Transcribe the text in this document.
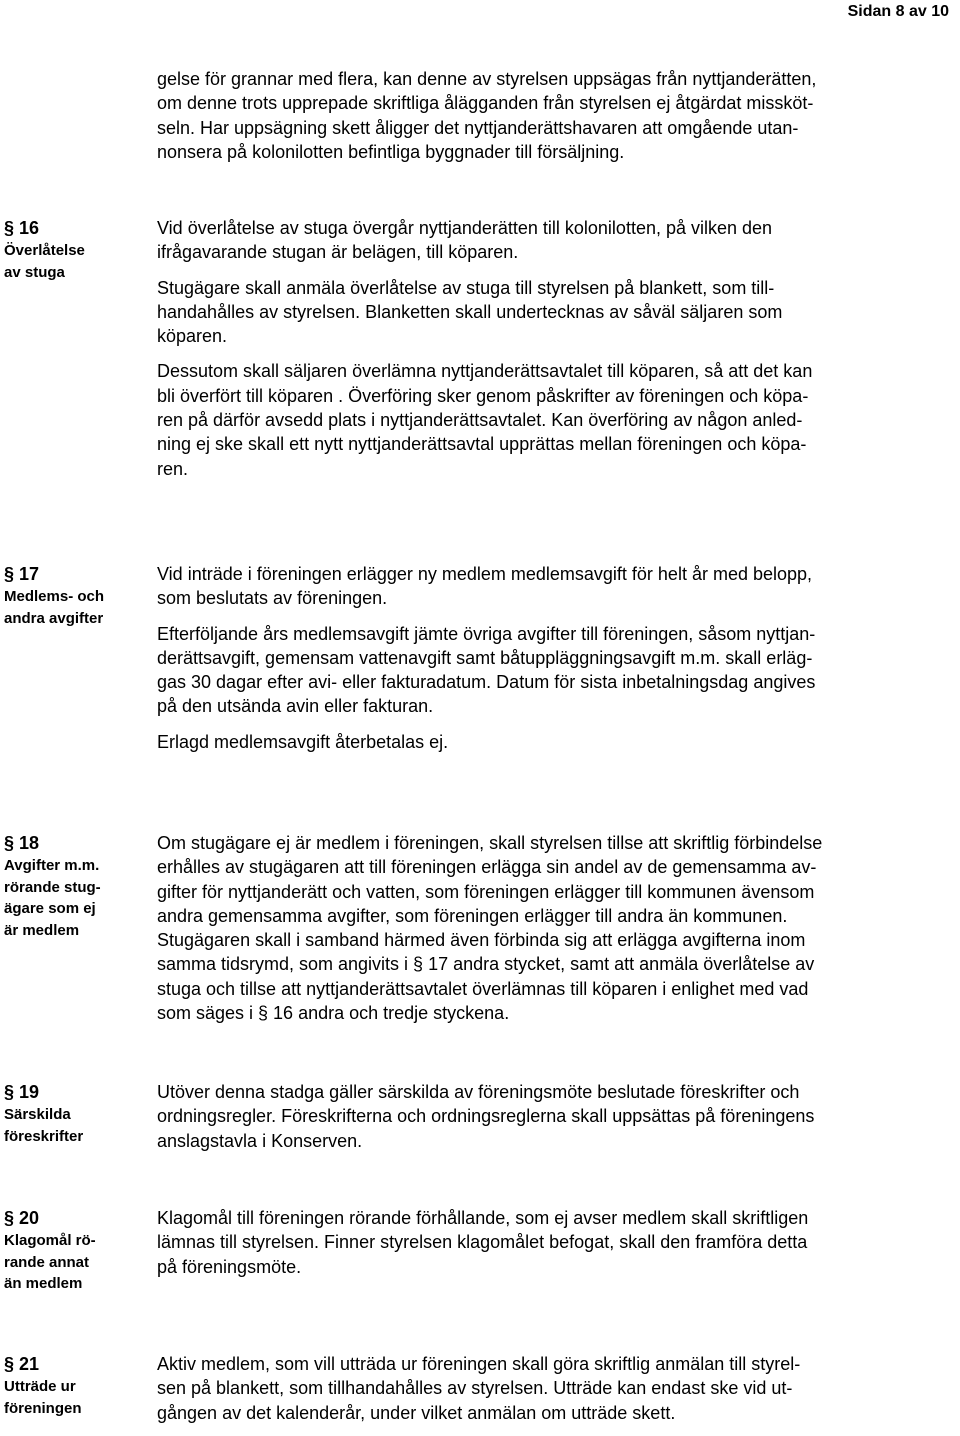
Sidan 8 av 10
gelse för grannar med flera, kan denne av styrelsen uppsägas från nyttjanderätten,
om denne trots upprepade skriftliga ålägganden från styrelsen ej åtgärdat missköt-
seln. Har uppsägning skett åligger det nyttjanderättshavaren att omgående utan-
nonsera på kolonilotten befintliga byggnader till försäljning.
§ 16
Överlåtelse
av stuga

Vid överlåtelse av stuga övergår nyttjanderätten till kolonilotten, på vilken den
ifrågavarande stugan är belägen, till köparen.

Stugägare skall anmäla överlåtelse av stuga till styrelsen på blankett, som till-
handahålles av styrelsen. Blanketten skall undertecknas av såväl säljaren som
köparen.

Dessutom skall säljaren överlämna nyttjanderättsavtalet till köparen, så att det kan
bli överfört till köparen . Överföring sker genom påskrifter av föreningen och köpa-
ren på därför avsedd plats i nyttjanderättsavtalet. Kan överföring av någon anled-
ning ej ske skall ett nytt nyttjanderättsavtal upprättas mellan föreningen och köpa-
ren.

§ 17
Medlems- och
andra avgifter

Vid inträde i föreningen erlägger ny medlem medlemsavgift för helt år med belopp,
som beslutats av föreningen.

Efterföljande års medlemsavgift jämte övriga avgifter till föreningen, såsom nyttjan-
derättsavgift, gemensam vattenavgift samt båtuppläggningsavgift m.m. skall erläg-
gas 30 dagar efter avi- eller fakturadatum. Datum för sista inbetalningsdag angives
på den utsända avin eller fakturan.

Erlagd medlemsavgift återbetalas ej.

§ 18
Avgifter m.m.
rörande stug-
ägare som ej
är medlem

Om stugägare ej är medlem i föreningen, skall styrelsen tillse att skriftlig förbindelse
erhålles av stugägaren att till föreningen erlägga sin andel av de gemensamma av-
gifter för nyttjanderätt och vatten, som föreningen erlägger till kommunen ävensom
andra gemensamma avgifter, som föreningen erlägger till andra än kommunen.
Stugägaren skall i samband härmed även förbinda sig att erlägga avgifterna inom
samma tidsrymd, som angivits i § 17 andra stycket, samt att anmäla överlåtelse av
stuga och tillse att nyttjanderättsavtalet överlämnas till köparen i enlighet med vad
som säges i § 16 andra och tredje styckena.

§ 19
Särskilda
föreskrifter

Utöver denna stadga gäller särskilda av föreningsmöte beslutade föreskrifter och
ordningsregler. Föreskrifterna och ordningsreglerna skall uppsättas på föreningens
anslagstavla i Konserven.

§ 20
Klagomål rö-
rande annat
än medlem

Klagomål till föreningen rörande förhållande, som ej avser medlem skall skriftligen
lämnas till styrelsen. Finner styrelsen klagomålet befogat, skall den framföra detta
på föreningsmöte.

§ 21
Utträde ur
föreningen

Aktiv medlem, som vill utträda ur föreningen skall göra skriftlig anmälan till styrel-
sen på blankett, som tillhandahålles av styrelsen. Utträde kan endast ske vid ut-
gången av det kalenderår, under vilket anmälan om utträde skett.
